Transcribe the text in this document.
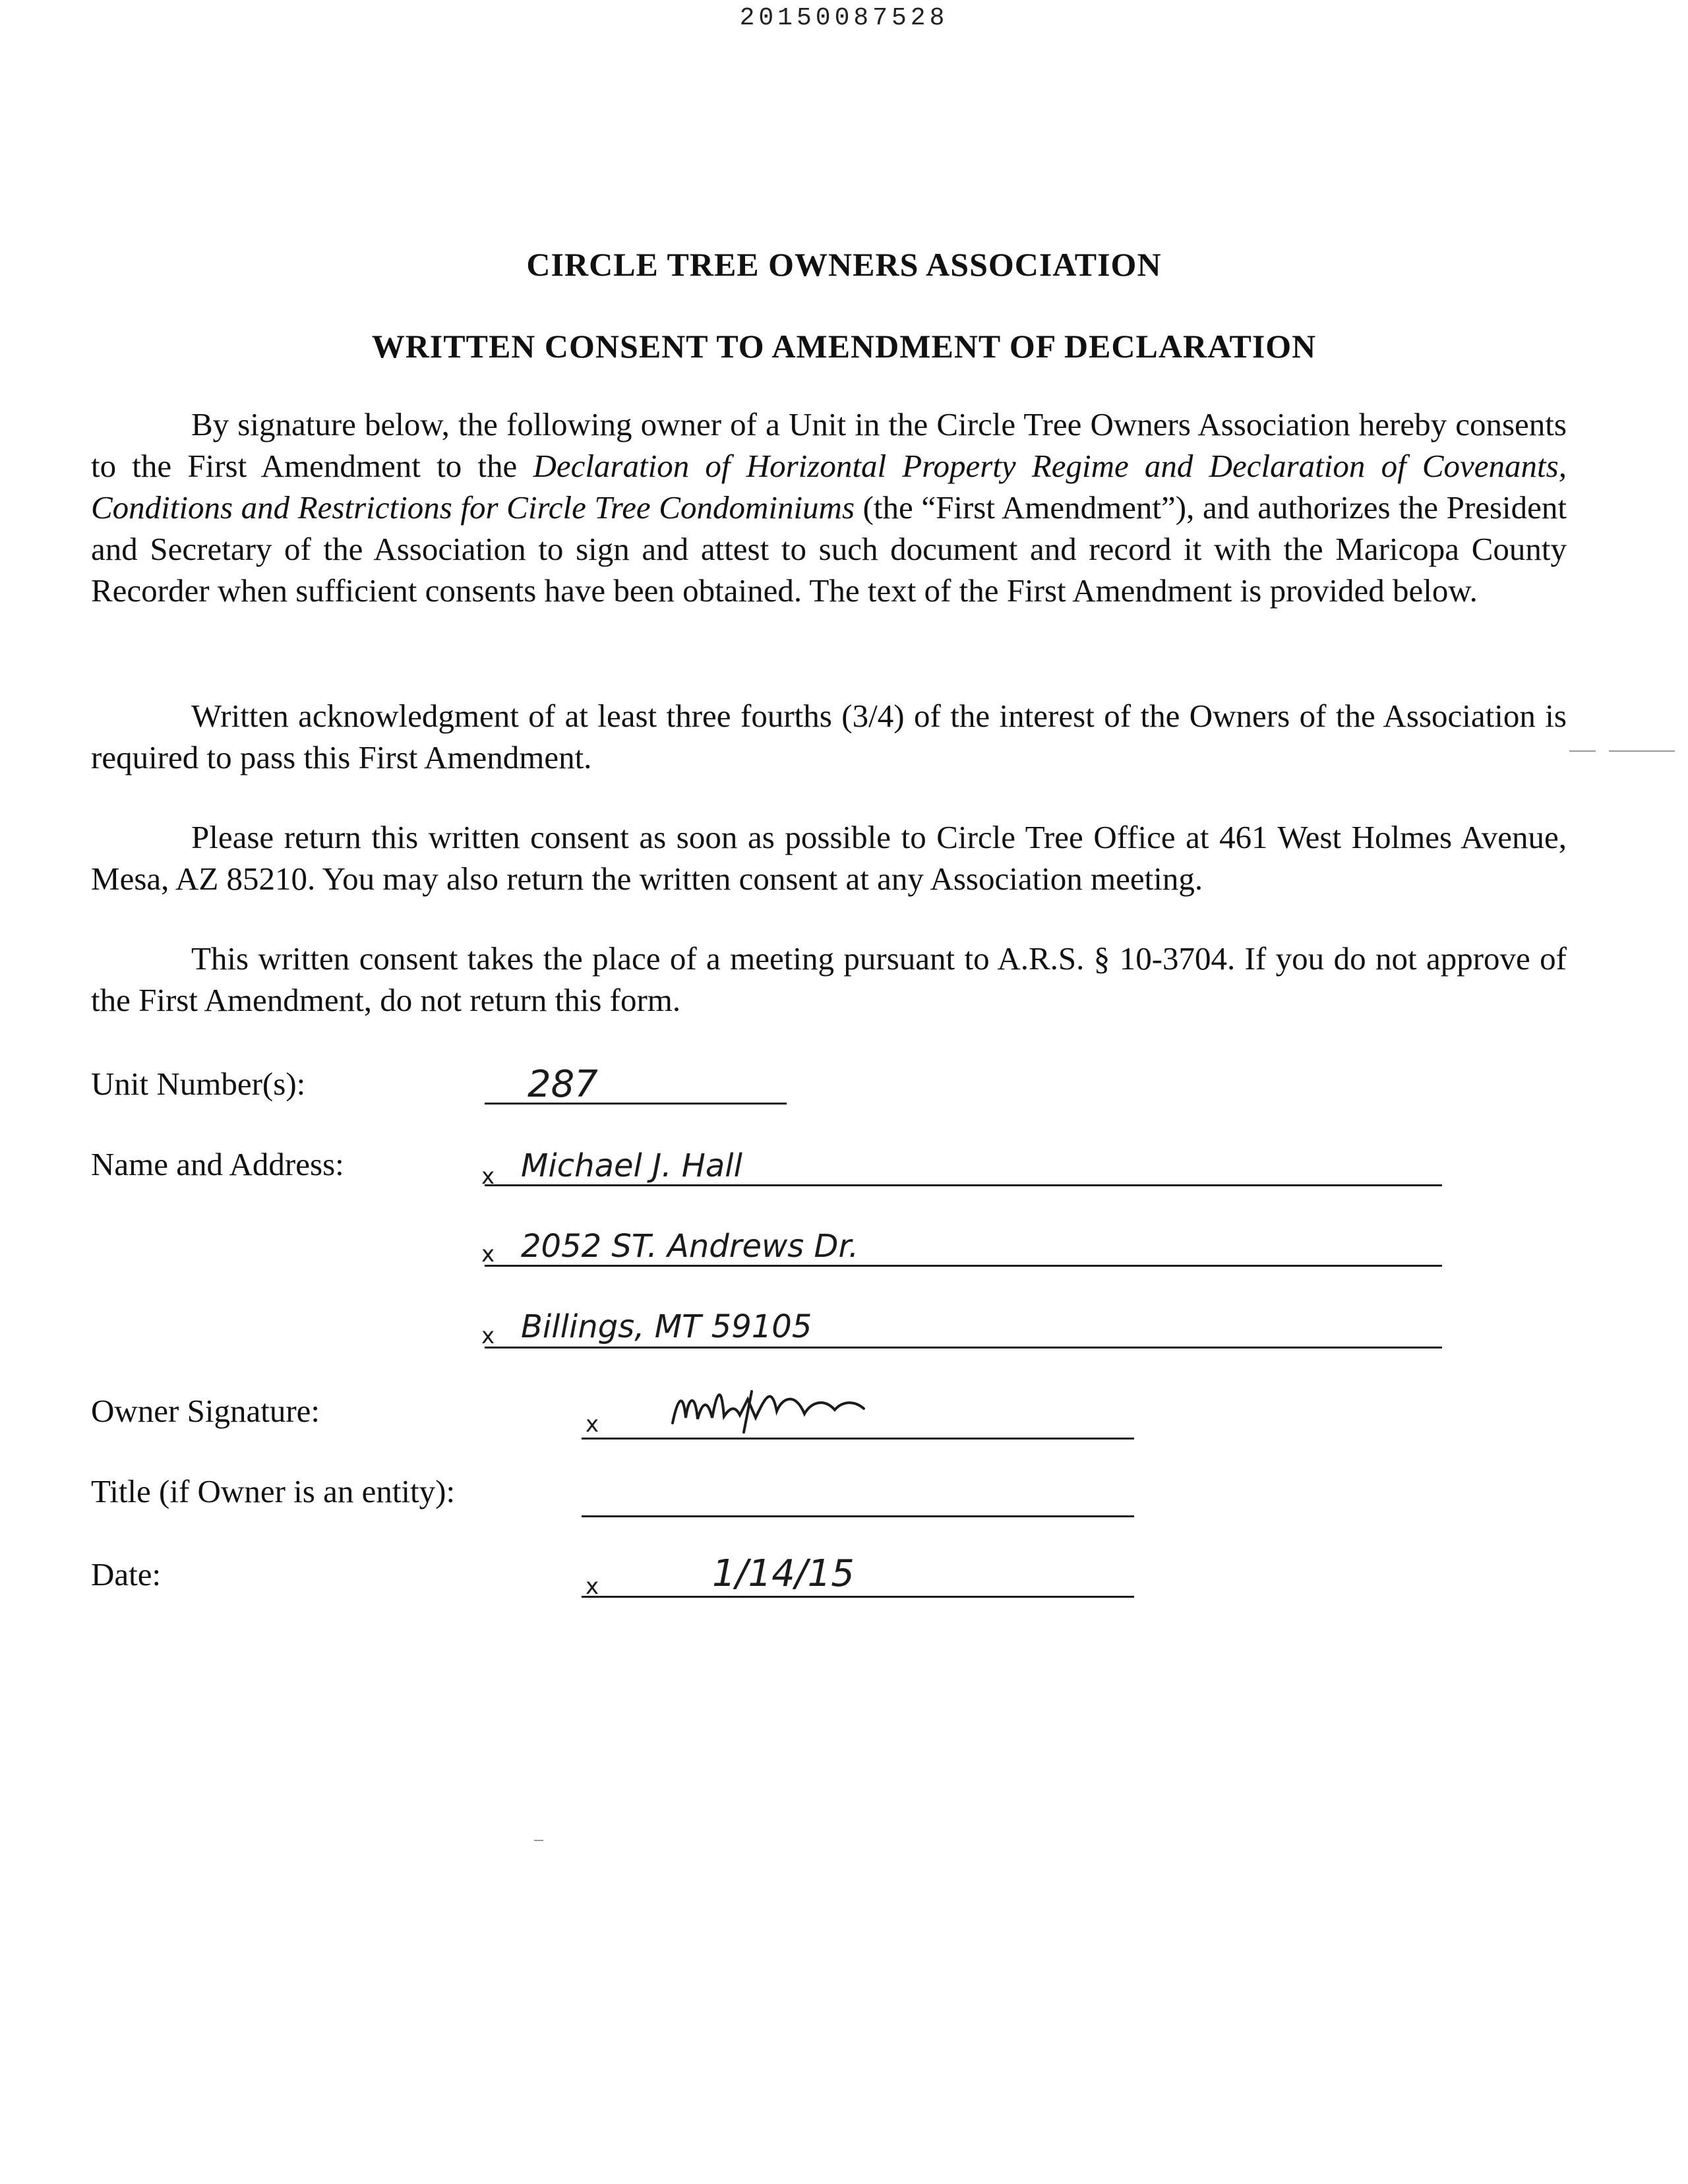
20150087528
CIRCLE TREE OWNERS ASSOCIATION
WRITTEN CONSENT TO AMENDMENT OF DECLARATION
By signature below, the following owner of a Unit in the Circle Tree Owners Association hereby consents to the First Amendment to the Declaration of Horizontal Property Regime and Declaration of Covenants, Conditions and Restrictions for Circle Tree Condominiums (the “First Amendment”), and authorizes the President and Secretary of the Association to sign and attest to such document and record it with the Maricopa County Recorder when sufficient consents have been obtained. The text of the First Amendment is provided below.
Written acknowledgment of at least three fourths (3/4) of the interest of the Owners of the Association is required to pass this First Amendment.
Please return this written consent as soon as possible to Circle Tree Office at 461 West Holmes Avenue, Mesa, AZ 85210. You may also return the written consent at any Association meeting.
This written consent takes the place of a meeting pursuant to A.R.S. § 10-3704. If you do not approve of the First Amendment, do not return this form.
Unit Number(s):	287
Name and Address:	x Michael J. Hall
x 2052 ST. Andrews Dr.
x Billings, MT 59105
Owner Signature:	x
Title (if Owner is an entity):
Date:	x	1/14/15
